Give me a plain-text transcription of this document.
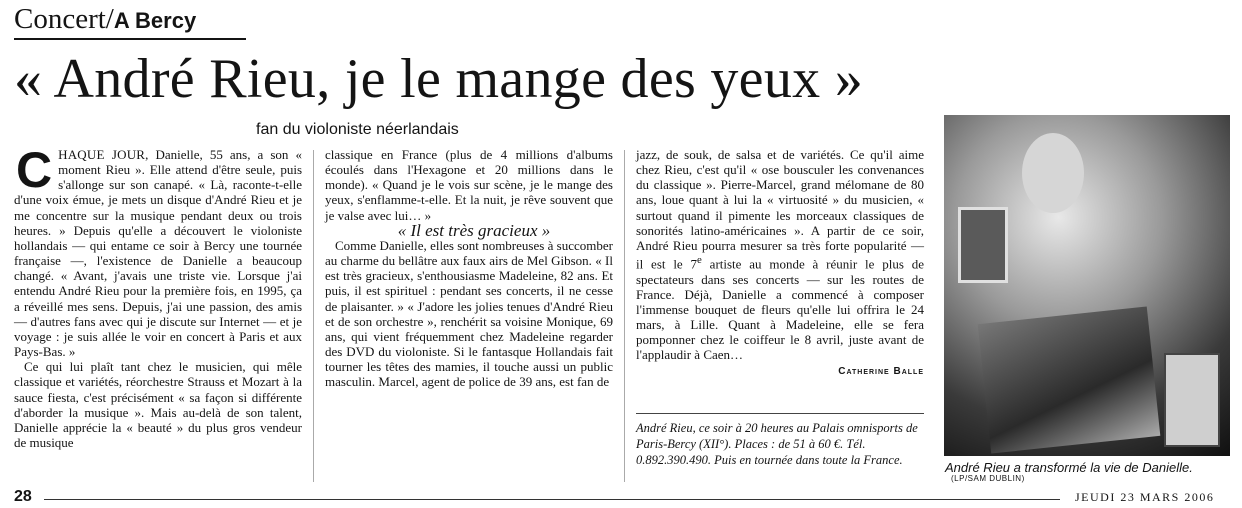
Concert/A Bercy
« André Rieu, je le mange des yeux »
fan du violoniste néerlandais

CHAQUE JOUR, Danielle, 55 ans, a son « moment Rieu ». Elle attend d'être seule, puis s'allonge sur son canapé. « Là, raconte-t-elle d'une voix émue, je mets un disque d'André Rieu et je me concentre sur la musique pendant deux ou trois heures. » Depuis qu'elle a découvert le violoniste hollandais — qui entame ce soir à Bercy une tournée française —, l'existence de Danielle a beaucoup changé. « Avant, j'avais une triste vie. Lorsque j'ai entendu André Rieu pour la première fois, en 1995, ça a réveillé mes sens. Depuis, j'ai une passion, des amis — d'autres fans avec qui je discute sur Internet — et je voyage : je suis allée le voir en concert à Paris et aux Pays-Bas. »

Ce qui lui plaît tant chez le musicien, qui mêle classique et variétés, réorchestre Strauss et Mozart à la sauce fiesta, c'est précisément « sa façon si différente d'aborder la musique ». Mais au-delà de son talent, Danielle apprécie la « beauté » du plus gros vendeur de musique

classique en France (plus de 4 millions d'albums écoulés dans l'Hexagone et 20 millions dans le monde). « Quand je le vois sur scène, je le mange des yeux, s'enflamme-t-elle. Et la nuit, je rêve souvent que je valse avec lui… »

« Il est très gracieux »

Comme Danielle, elles sont nombreuses à succomber au charme du bellâtre aux faux airs de Mel Gibson. « Il est très gracieux, s'enthousiasme Madeleine, 82 ans. Et puis, il est spirituel : pendant ses concerts, il ne cesse de plaisanter. » « J'adore les jolies tenues d'André Rieu et de son orchestre », renchérit sa voisine Monique, 69 ans, qui vient fréquemment chez Madeleine regarder des DVD du violoniste. Si le fantasque Hollandais fait tourner les têtes des mamies, il touche aussi un public masculin. Marcel, agent de police de 39 ans, est fan de

jazz, de souk, de salsa et de variétés. Ce qu'il aime chez Rieu, c'est qu'il « ose bousculer les convenances du classique ». Pierre-Marcel, grand mélomane de 80 ans, loue quant à lui la « virtuosité » du musicien, « surtout quand il pimente les morceaux classiques de sonorités latino-américaines ». A partir de ce soir, André Rieu pourra mesurer sa très forte popularité — il est le 7e artiste au monde à réunir le plus de spectateurs dans ses concerts — sur les routes de France. Déjà, Danielle a commencé à composer l'immense bouquet de fleurs qu'elle lui offrira le 24 mars, à Lille. Quant à Madeleine, elle se fera pomponner chez le coiffeur le 8 avril, juste avant de l'applaudir à Caen…

Catherine Balle
André Rieu, ce soir à 20 heures au Palais omnisports de Paris-Bercy (XII°). Places : de 51 à 60 €. Tél. 0.892.390.490. Puis en tournée dans toute la France.	André Rieu a transformé la vie de Danielle.
(LP/SAM DUBLIN)
28	JEUDI 23 MARS 2006
